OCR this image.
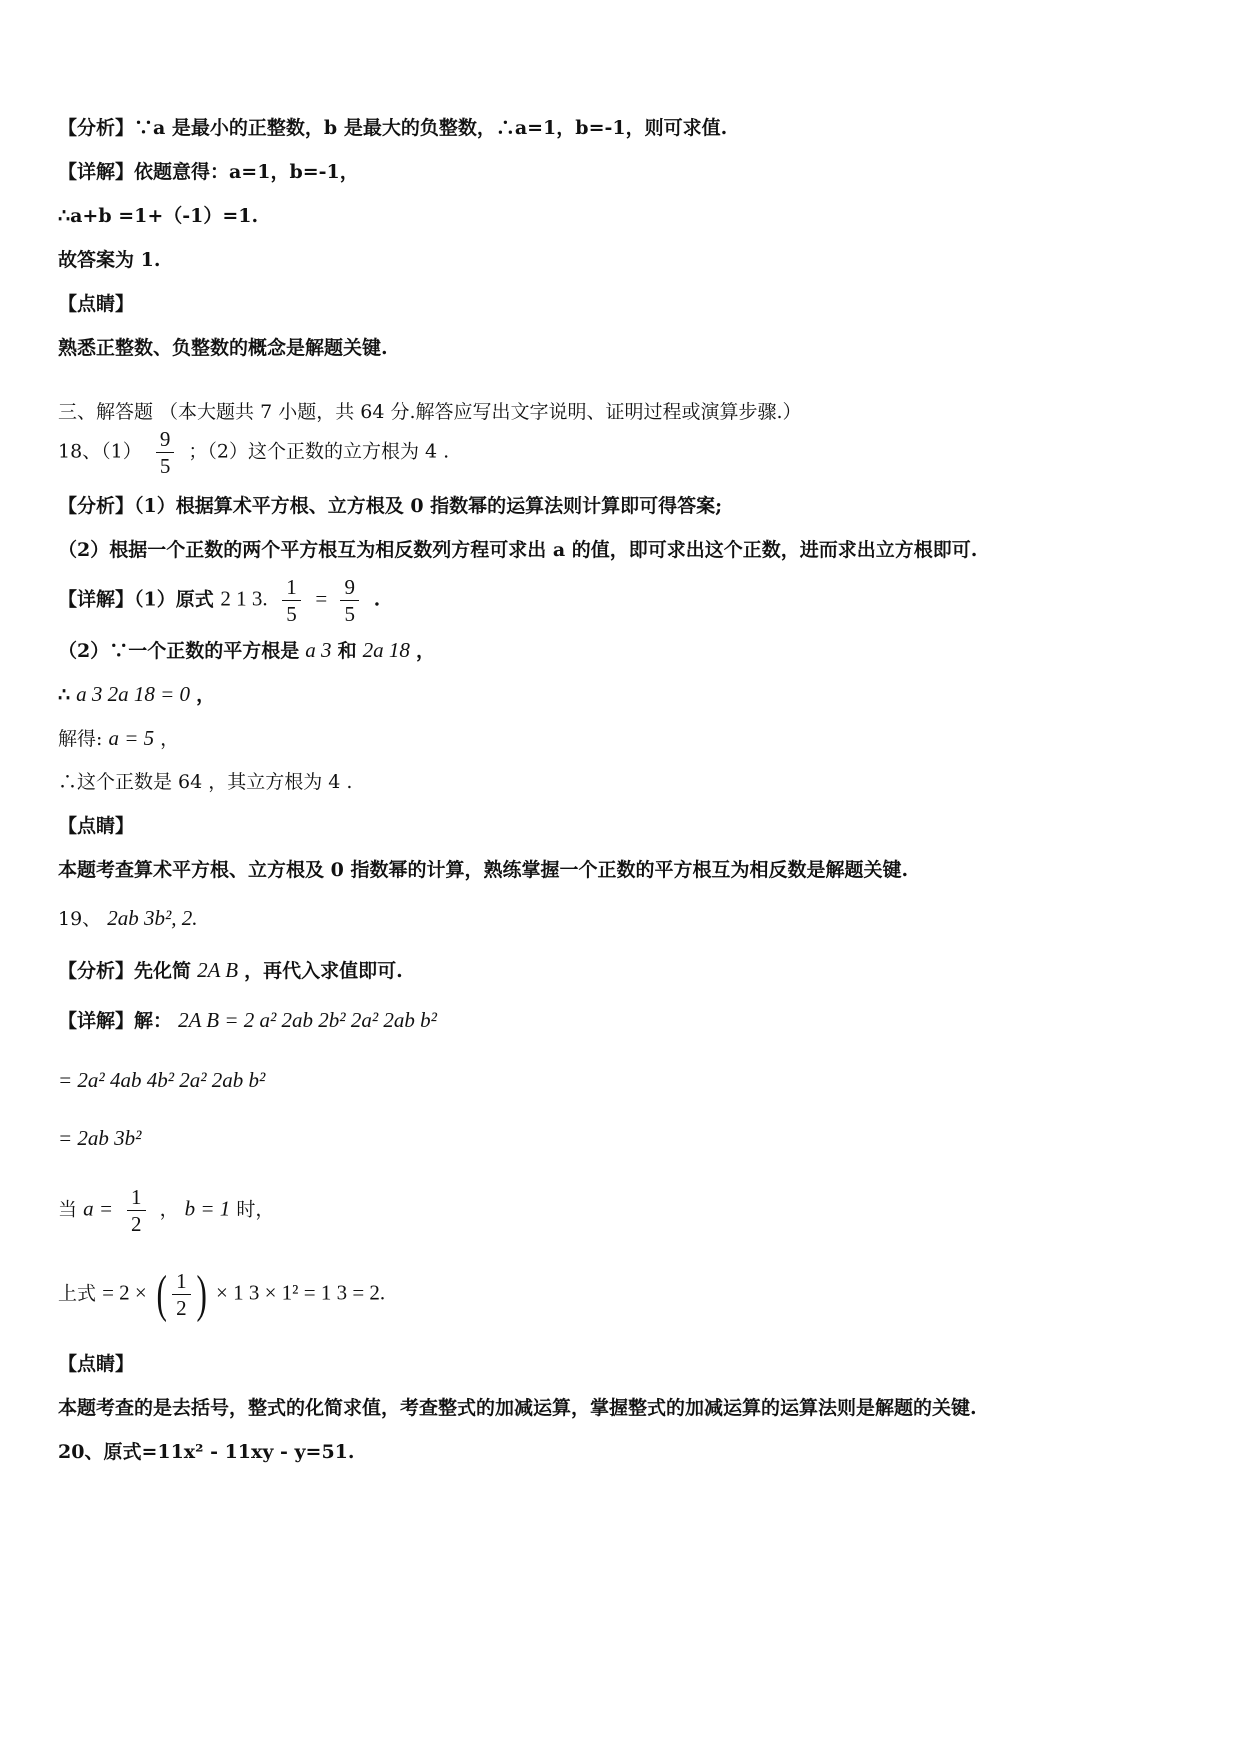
【分析】∵a 是最小的正整数，b 是最大的负整数，∴a=1，b=-1，则可求值.

【详解】依题意得：a=1，b=-1，

∴a+b =1+（-1）=1.

故答案为 1.

【点睛】

熟悉正整数、负整数的概念是解题关键.

三、解答题 （本大题共 7 小题，共 64 分.解答应写出文字说明、证明过程或演算步骤.）

18、$(1) \frac{9}{5}$ ；（2）这个正数的立方根为 4 .

【分析】（1）根据算术平方根、立方根及 0 指数幂的运算法则计算即可得答案;

（2）根据一个正数的两个平方根互为相反数列方程可求出 a 的值，即可求出这个正数，进而求出立方根即可.

【详解】（1）原式 2 1 3. $\frac{1}{5} = \frac{9}{5}$ .

（2）∵一个正数的平方根是 a 3 和 2a 18 ，

∴ a 3 2a 18 = 0 ，

解得: a = 5 ，

∴这个正数是 64 ，其立方根为 4 .

【点睛】

本题考查算术平方根、立方根及 0 指数幂的计算，熟练掌握一个正数的平方根互为相反数是解题关键.

19、 2ab 3b², 2.

【分析】先化简 2A B ，再代入求值即可.

【详解】解： 2A B = 2 a² 2ab 2b² 2a² 2ab b²

= 2a² 4ab 4b² 2a² 2ab b²

= 2ab 3b²

当 $a = \frac{1}{2}$ ， b = 1 时，

上式 = 2 × ( $\frac{1}{2}$ ) × 1 3 × 1² = 1 3 = 2.

【点睛】

本题考查的是去括号，整式的化简求值，考查整式的加减运算，掌握整式的加减运算的运算法则是解题的关键.

20、原式=11x² - 11xy - y=51.
